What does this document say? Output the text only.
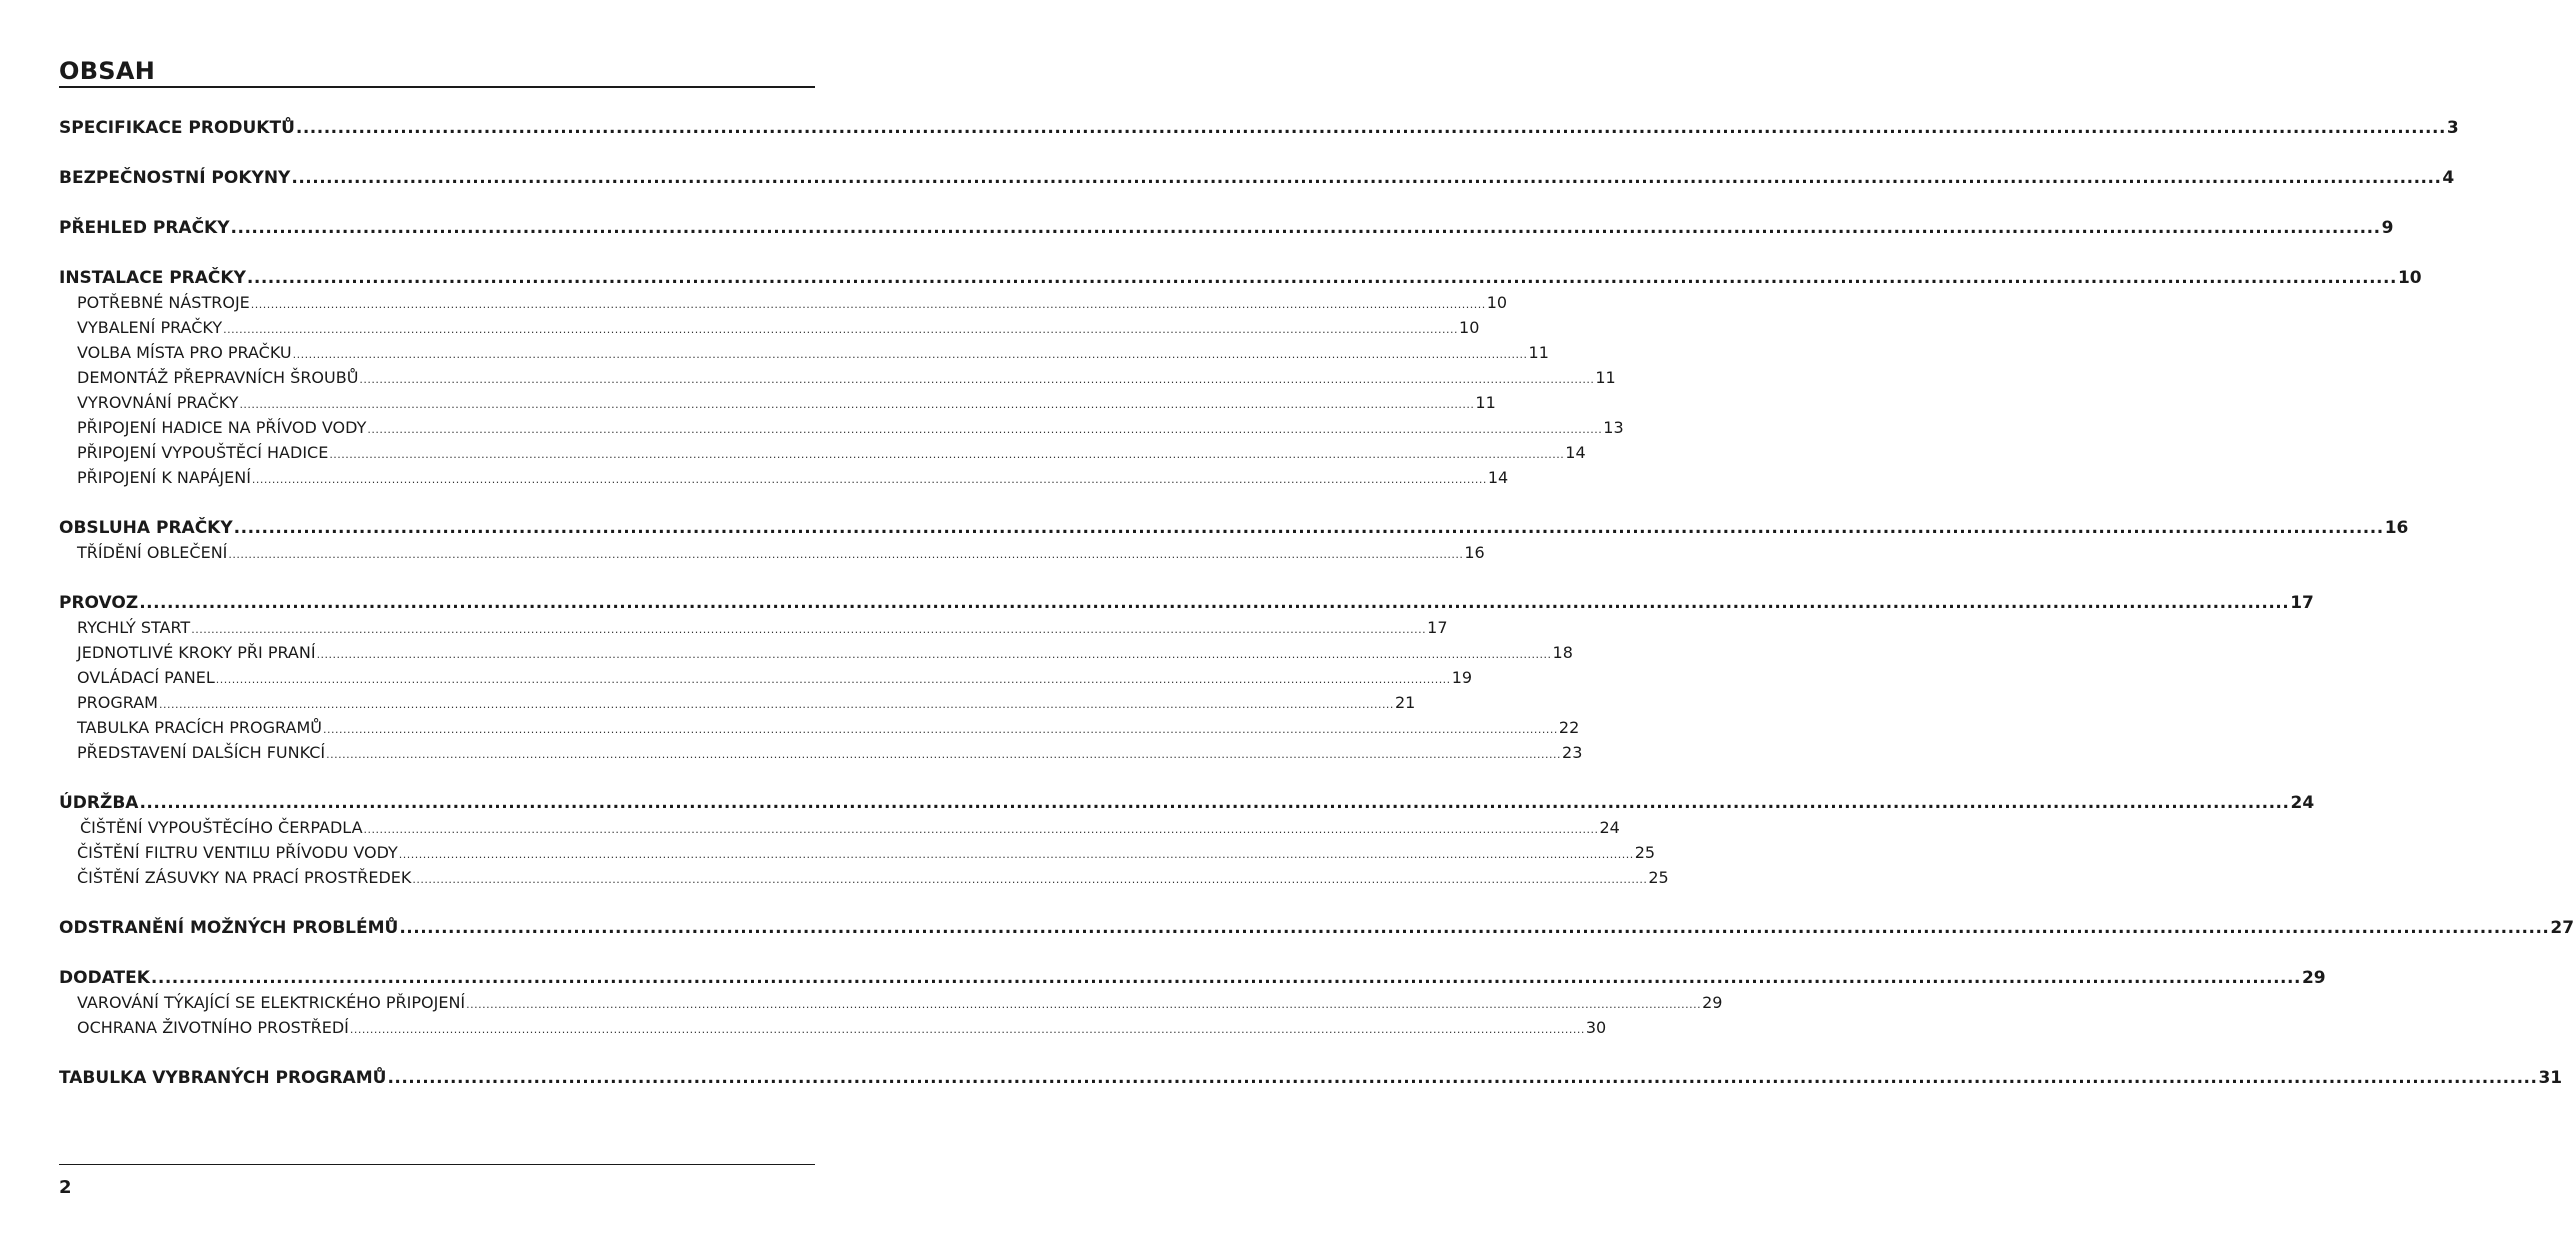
OBSAH
SPECIFIKACE PRODUKTŮ ..................................................................................................................................................................................................................................................................................................................... 3
BEZPEČNOSTNÍ POKYNY ..................................................................................................................................................................................................................................................................................................................... 4
PŘEHLED PRAČKY ..................................................................................................................................................................................................................................................................................................................... 9
INSTALACE PRAČKY ..................................................................................................................................................................................................................................................................................................................... 10
POTŘEBNÉ NÁSTROJE ..................................................................................................................................................................................................................................................................................................................... 10
VYBALENÍ PRAČKY ..................................................................................................................................................................................................................................................................................................................... 10
VOLBA MÍSTA PRO PRAČKU ..................................................................................................................................................................................................................................................................................................................... 11
DEMONTÁŽ PŘEPRAVNÍCH ŠROUBŮ ..................................................................................................................................................................................................................................................................................................................... 11
VYROVNÁNÍ PRAČKY ..................................................................................................................................................................................................................................................................................................................... 11
PŘIPOJENÍ HADICE NA PŘÍVOD VODY ..................................................................................................................................................................................................................................................................................................................... 13
PŘIPOJENÍ VYPOUŠTĚCÍ HADICE ..................................................................................................................................................................................................................................................................................................................... 14
PŘIPOJENÍ K NAPÁJENÍ ..................................................................................................................................................................................................................................................................................................................... 14
OBSLUHA PRAČKY ..................................................................................................................................................................................................................................................................................................................... 16
TŘÍDĚNÍ OBLEČENÍ ..................................................................................................................................................................................................................................................................................................................... 16
PROVOZ ..................................................................................................................................................................................................................................................................................................................... 17
RYCHLÝ START ..................................................................................................................................................................................................................................................................................................................... 17
JEDNOTLIVÉ KROKY PŘI PRANÍ ..................................................................................................................................................................................................................................................................................................................... 18
OVLÁDACÍ PANEL ..................................................................................................................................................................................................................................................................................................................... 19
PROGRAM ..................................................................................................................................................................................................................................................................................................................... 21
TABULKA PRACÍCH PROGRAMŮ ..................................................................................................................................................................................................................................................................................................................... 22
PŘEDSTAVENÍ DALŠÍCH FUNKCÍ ..................................................................................................................................................................................................................................................................................................................... 23
ÚDRŽBA ..................................................................................................................................................................................................................................................................................................................... 24
ČIŠTĚNÍ VYPOUŠTĚCÍHO ČERPADLA ..................................................................................................................................................................................................................................................................................................................... 24
ČIŠTĚNÍ FILTRU VENTILU PŘÍVODU VODY ..................................................................................................................................................................................................................................................................................................................... 25
ČIŠTĚNÍ ZÁSUVKY NA PRACÍ PROSTŘEDEK ..................................................................................................................................................................................................................................................................................................................... 25
ODSTRANĚNÍ MOŽNÝCH PROBLÉMŮ ..................................................................................................................................................................................................................................................................................................................... 27
DODATEK ..................................................................................................................................................................................................................................................................................................................... 29
VAROVÁNÍ TÝKAJÍCÍ SE ELEKTRICKÉHO PŘIPOJENÍ ..................................................................................................................................................................................................................................................................................................................... 29
OCHRANA ŽIVOTNÍHO PROSTŘEDÍ ..................................................................................................................................................................................................................................................................................................................... 30
TABULKA VYBRANÝCH PROGRAMŮ ..................................................................................................................................................................................................................................................................................................................... 31
2
